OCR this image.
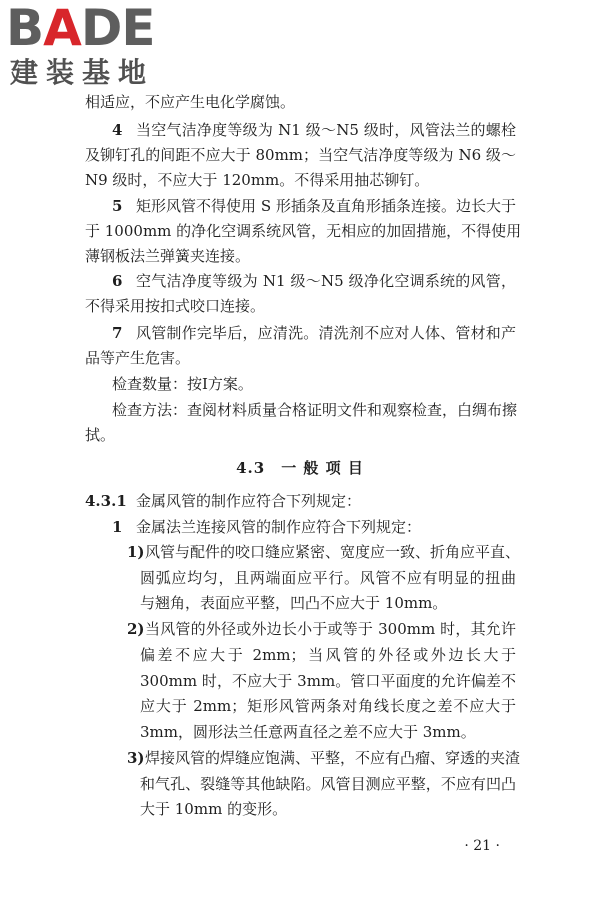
BADE
建装基地
相适应，不应产生电化学腐蚀。
4 当空气洁净度等级为 N1 级～N5 级时，风管法兰的螺栓
及铆钉孔的间距不应大于 80mm；当空气洁净度等级为 N6 级～
N9 级时，不应大于 120mm。不得采用抽芯铆钉。
5 矩形风管不得使用 S 形插条及直角形插条连接。边长大于
于 1000mm 的净化空调系统风管，无相应的加固措施，不得使用
薄钢板法兰弹簧夹连接。
6 空气洁净度等级为 N1 级～N5 级净化空调系统的风管，
不得采用按扣式咬口连接。
7 风管制作完毕后，应清洗。清洗剂不应对人体、管材和产
品等产生危害。
检查数量：按Ⅰ方案。
检查方法：查阅材料质量合格证明文件和观察检查，白绸布擦
拭。
4.3　一 般 项 目
4.3.1 金属风管的制作应符合下列规定：
1 金属法兰连接风管的制作应符合下列规定：
1) 风管与配件的咬口缝应紧密、宽度应一致、折角应平直、
圆弧应均匀，且两端面应平行。风管不应有明显的扭曲
与翘角，表面应平整，凹凸不应大于 10mm。
2) 当风管的外径或外边长小于或等于 300mm 时，其允许
偏差不应大于 2mm；当风管的外径或外边长大于
300mm 时，不应大于 3mm。管口平面度的允许偏差不
应大于 2mm；矩形风管两条对角线长度之差不应大于
3mm，圆形法兰任意两直径之差不应大于 3mm。
3) 焊接风管的焊缝应饱满、平整，不应有凸瘤、穿透的夹渣
和气孔、裂缝等其他缺陷。风管目测应平整，不应有凹凸
大于 10mm 的变形。
· 21 ·
